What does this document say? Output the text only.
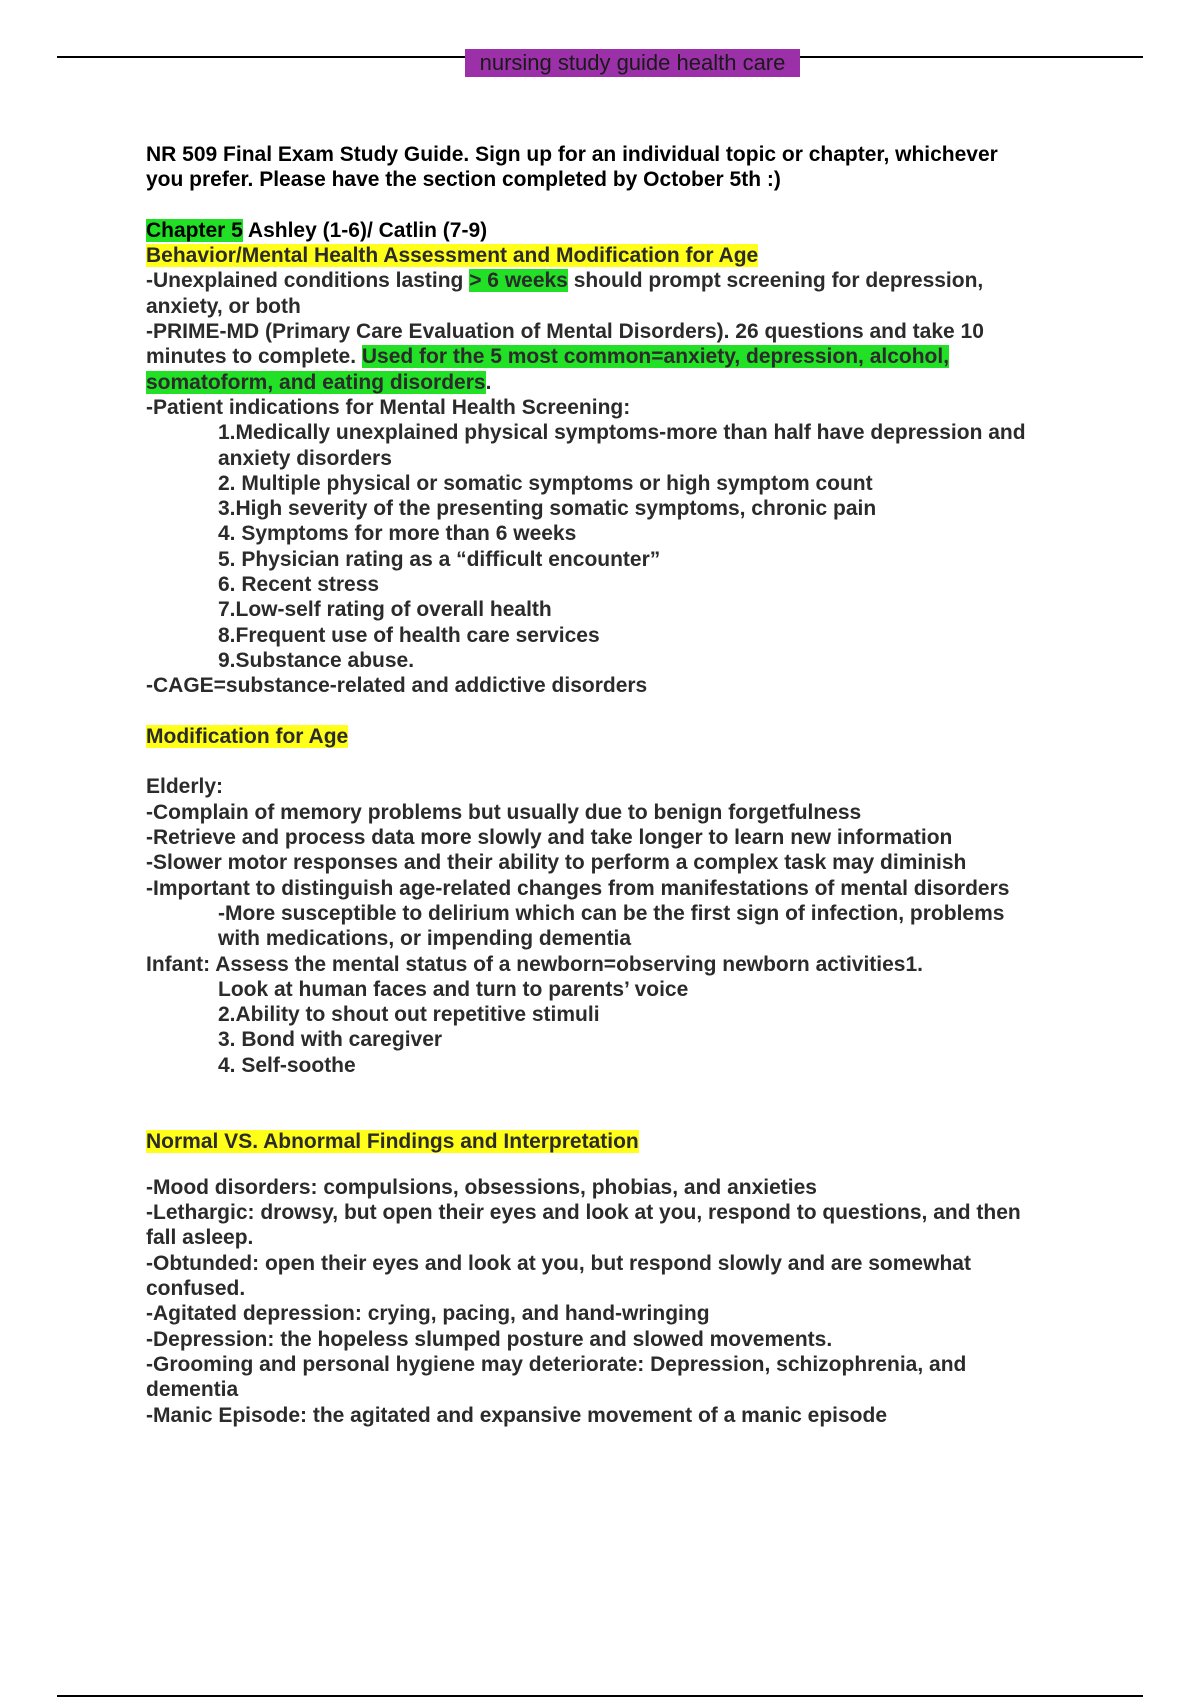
nursing study guide health care
NR 509 Final Exam Study Guide. Sign up for an individual topic or chapter, whichever
you prefer. Please have the section completed by October 5th :)
Chapter 5 Ashley (1-6)/ Catlin (7-9)
Behavior/Mental Health Assessment and Modification for Age
-Unexplained conditions lasting > 6 weeks should prompt screening for depression,
anxiety, or both
-PRIME-MD (Primary Care Evaluation of Mental Disorders). 26 questions and take 10
minutes to complete. Used for the 5 most common=anxiety, depression, alcohol,
somatoform, and eating disorders.
-Patient indications for Mental Health Screening:
1.Medically unexplained physical symptoms-more than half have depression and
anxiety disorders
2. Multiple physical or somatic symptoms or high symptom count
3.High severity of the presenting somatic symptoms, chronic pain
4. Symptoms for more than 6 weeks
5. Physician rating as a “difficult encounter”
6. Recent stress
7.Low-self rating of overall health
8.Frequent use of health care services
9.Substance abuse.
-CAGE=substance-related and addictive disorders
Modification for Age
Elderly:
-Complain of memory problems but usually due to benign forgetfulness
-Retrieve and process data more slowly and take longer to learn new information
-Slower motor responses and their ability to perform a complex task may diminish
-Important to distinguish age-related changes from manifestations of mental disorders
-More susceptible to delirium which can be the first sign of infection, problems
with medications, or impending dementia
Infant: Assess the mental status of a newborn=observing newborn activities1.
Look at human faces and turn to parents’ voice
2.Ability to shout out repetitive stimuli
3. Bond with caregiver
4. Self-soothe
Normal VS. Abnormal Findings and Interpretation
-Mood disorders: compulsions, obsessions, phobias, and anxieties
-Lethargic: drowsy, but open their eyes and look at you, respond to questions, and then
fall asleep.
-Obtunded: open their eyes and look at you, but respond slowly and are somewhat
confused.
-Agitated depression: crying, pacing, and hand-wringing
-Depression: the hopeless slumped posture and slowed movements.
-Grooming and personal hygiene may deteriorate: Depression, schizophrenia, and
dementia
-Manic Episode: the agitated and expansive movement of a manic episode
